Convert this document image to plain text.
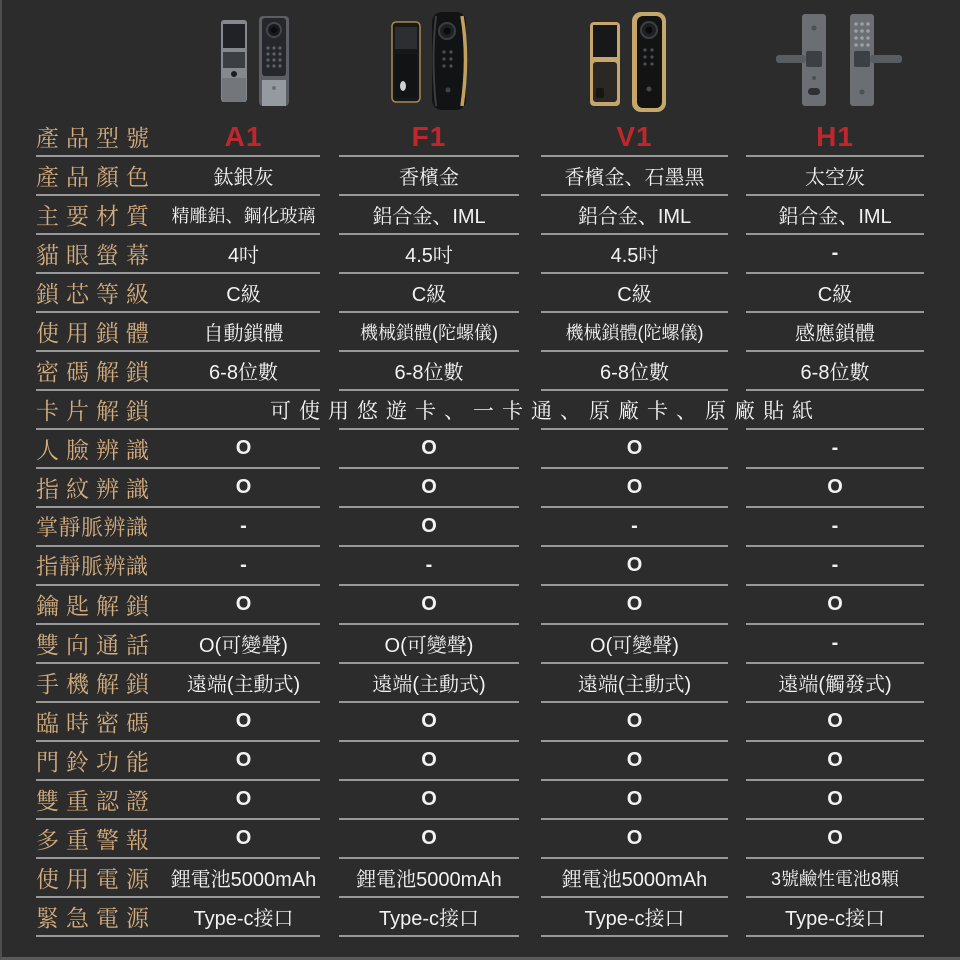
產品型號	A1	F1	V1	H1
產品顏色	鈦銀灰	香檳金	香檳金、石墨黑	太空灰
主要材質 精雕鋁、鋼化玻璃	鋁合金、IML	鋁合金、IML	鋁合金、IML
貓眼螢幕	4吋	4.5吋	4.5吋	-
鎖芯等級	C級	C級	C級	C級
使用鎖體	自動鎖體	機械鎖體(陀螺儀)	機械鎖體(陀螺儀)	感應鎖體
密碼解鎖	6-8位數	6-8位數	6-8位數	6-8位數
卡片解鎖	可使用悠遊卡、一卡通、原廠卡、原廠貼紙
人臉辨識	O	O	O	-
指紋辨識	O	O	O	O
掌靜脈辨識	-	O	-	-
指靜脈辨識	-	-	O	-
鑰匙解鎖	O	O	O	O
雙向通話	O(可變聲)	O(可變聲)	O(可變聲)	-
手機解鎖	遠端(主動式)	遠端(主動式)	遠端(主動式)	遠端(觸發式)
臨時密碼	O	O	O	O
門鈴功能	O	O	O	O
雙重認證	O	O	O	O
多重警報	O	O	O	O
使用電源 鋰電池5000mAh	鋰電池5000mAh	鋰電池5000mAh	3號鹼性電池8顆
緊急電源	Type-c接口	Type-c接口	Type-c接口	Type-c接口
